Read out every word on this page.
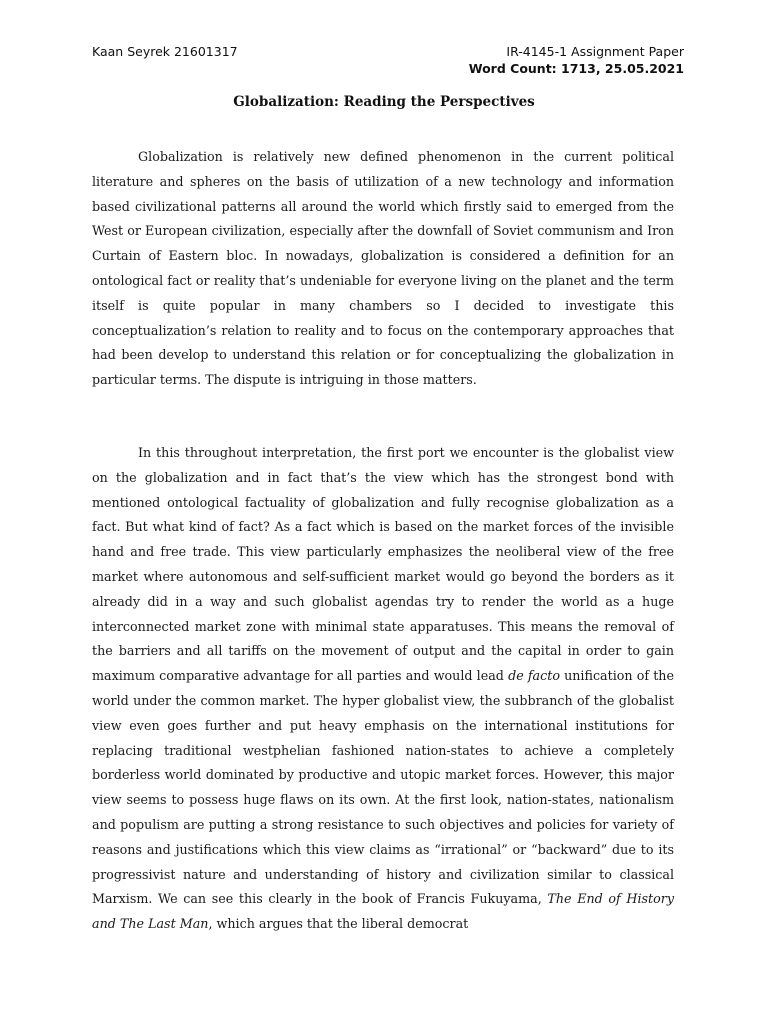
Kaan Seyrek 21601317	IR-4145-1 Assignment Paper
Word Count: 1713, 25.05.2021
Globalization: Reading the Perspectives

Globalization is relatively new defined phenomenon in the current political literature and spheres on the basis of utilization of a new technology and information based civilizational patterns all around the world which firstly said to emerged from the West or European civilization, especially after the downfall of Soviet communism and Iron Curtain of Eastern bloc. In nowadays, globalization is considered a definition for an ontological fact or reality that’s undeniable for everyone living on the planet and the term itself is quite popular in many chambers so I decided to investigate this conceptualization’s relation to reality and to focus on the contemporary approaches that had been develop to understand this relation or for conceptualizing the globalization in particular terms. The dispute is intriguing in those matters.

In this throughout interpretation, the first port we encounter is the globalist view on the globalization and in fact that’s the view which has the strongest bond with mentioned ontological factuality of globalization and fully recognise globalization as a fact. But what kind of fact? As a fact which is based on the market forces of the invisible hand and free trade. This view particularly emphasizes the neoliberal view of the free market where autonomous and self-sufficient market would go beyond the borders as it already did in a way and such globalist agendas try to render the world as a huge interconnected market zone with minimal state apparatuses. This means the removal of the barriers and all tariffs on the movement of output and the capital in order to gain maximum comparative advantage for all parties and would lead de facto unification of the world under the common market. The hyper globalist view, the subbranch of the globalist view even goes further and put heavy emphasis on the international institutions for replacing traditional westphelian fashioned nation-states to achieve a completely borderless world dominated by productive and utopic market forces. However, this major view seems to possess huge flaws on its own. At the first look, nation-states, nationalism and populism are putting a strong resistance to such objectives and policies for variety of reasons and justifications which this view claims as “irrational” or “backward” due to its progressivist nature and understanding of history and civilization similar to classical Marxism. We can see this clearly in the book of Francis Fukuyama, The End of History and The Last Man, which argues that the liberal democrat
